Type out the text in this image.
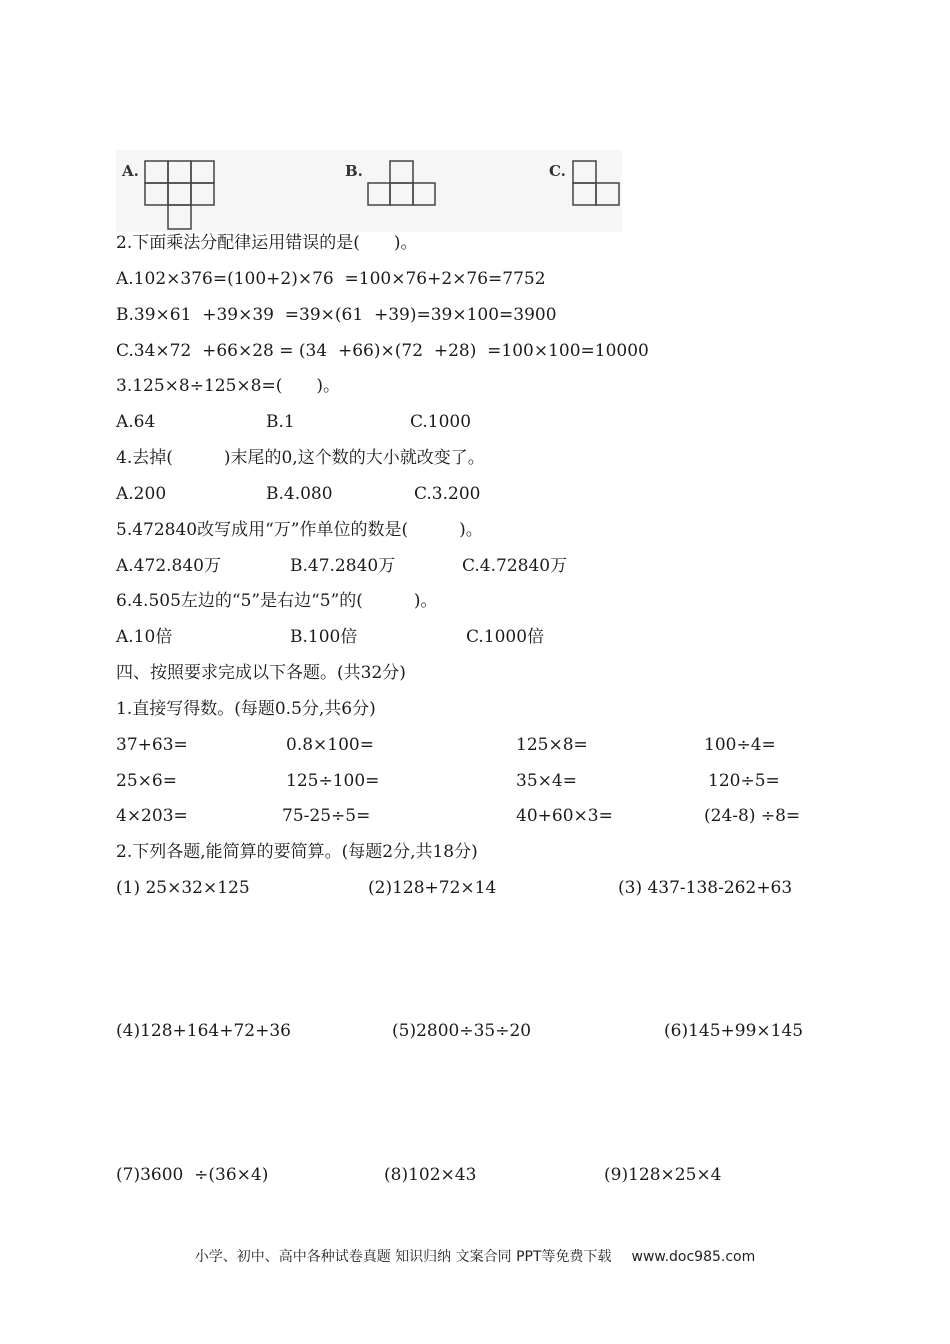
A.	B.	C.
2.下面乘法分配律运用错误的是(　　)。
A.102×376=(100+2)×76  =100×76+2×76=7752
B.39×61  +39×39  =39×(61  +39)=39×100=3900
C.34×72  +66×28 = (34  +66)×(72  +28)  =100×100=10000
3.125×8÷125×8=(　　)。
A.64	B.1	C.1000
4.去掉(　　　)末尾的0,这个数的大小就改变了。
A.200	B.4.080	C.3.200
5.472840改写成用“万”作单位的数是(　　　)。
A.472.840万	B.47.2840万	C.4.72840万
6.4.505左边的“5”是右边“5”的(　　　)。
A.10倍	B.100倍	C.1000倍
四、按照要求完成以下各题。(共32分)
1.直接写得数。(每题0.5分,共6分)
37+63=	0.8×100=	125×8=	100÷4=
25×6=	125÷100=	35×4=	120÷5=
4×203=	75-25÷5=	40+60×3=	(24-8) ÷8=
2.下列各题,能简算的要简算。(每题2分,共18分)
(1) 25×32×125	(2)128+72×14	(3) 437-138-262+63
(4)128+164+72+36	(5)2800÷35÷20	(6)145+99×145
(7)3600  ÷(36×4)	(8)102×43	(9)128×25×4
小学、初中、高中各种试卷真题 知识归纳 文案合同 PPT等免费下载 www.doc985.com
